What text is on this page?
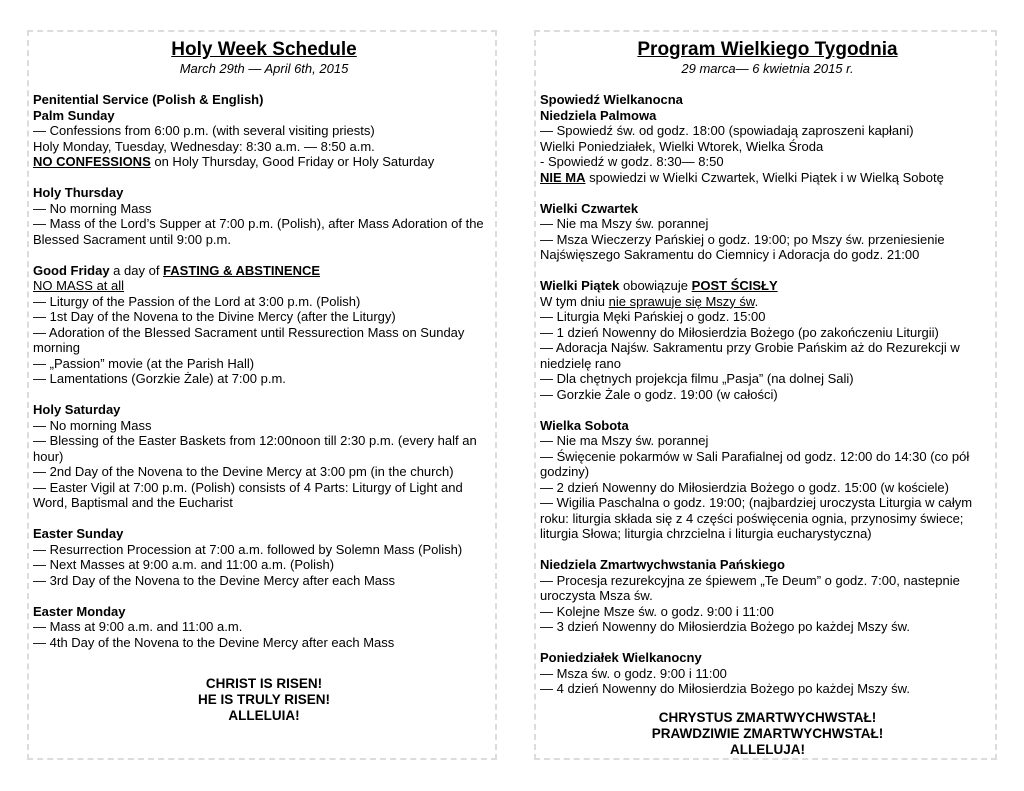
Holy Week Schedule
March 29th — April 6th, 2015
Penitential Service (Polish & English)
Palm Sunday
— Confessions from 6:00 p.m. (with several visiting priests)
Holy Monday, Tuesday, Wednesday: 8:30 a.m. — 8:50 a.m.
NO CONFESSIONS on Holy Thursday, Good Friday or Holy Saturday
Holy Thursday
— No morning Mass
— Mass of the Lord’s Supper at 7:00 p.m. (Polish), after Mass Adoration of the Blessed Sacrament until 9:00 p.m.
Good Friday a day of FASTING & ABSTINENCE
NO MASS at all
— Liturgy of the Passion of the Lord at 3:00 p.m. (Polish)
— 1st Day of the Novena to the Divine Mercy (after the Liturgy)
— Adoration of the Blessed Sacrament until Ressurection Mass on Sunday morning
— „Passion” movie (at the Parish Hall)
— Lamentations (Gorzkie Żale) at 7:00 p.m.
Holy Saturday
— No morning Mass
— Blessing of the Easter Baskets from 12:00noon till 2:30 p.m. (every half an hour)
— 2nd Day of the Novena to the Devine Mercy at 3:00 pm (in the church)
— Easter Vigil at 7:00 p.m. (Polish) consists of 4 Parts: Liturgy of Light and Word, Baptismal and the Eucharist
Easter Sunday
— Resurrection Procession at 7:00 a.m. followed by Solemn Mass (Polish)
— Next Masses at 9:00 a.m. and 11:00 a.m. (Polish)
— 3rd Day of the Novena to the Devine Mercy after each Mass
Easter Monday
— Mass at 9:00 a.m. and 11:00 a.m.
— 4th Day of the Novena to the Devine Mercy after each Mass
CHRIST IS RISEN!
HE IS TRULY RISEN!
ALLELUIA!
Program Wielkiego Tygodnia
29 marca— 6 kwietnia 2015 r.
Spowiedź Wielkanocna
Niedziela Palmowa
— Spowiedź św. od godz. 18:00 (spowiadają zaproszeni kapłani)
Wielki Poniedziałek, Wielki Wtorek, Wielka Środa
- Spowiedź w godz. 8:30— 8:50
NIE MA spowiedzi w Wielki Czwartek, Wielki Piątek i w Wielką Sobotę
Wielki Czwartek
— Nie ma Mszy św. porannej
— Msza Wieczerzy Pańskiej o godz. 19:00; po Mszy św. przeniesienie Najświęszego Sakramentu do Ciemnicy i Adoracja do godz. 21:00
Wielki Piątek obowiązuje POST ŚCISŁY
W tym dniu nie sprawuje się Mszy św.
— Liturgia Męki Pańskiej o godz. 15:00
— 1 dzień Nowenny do Miłosierdzia Bożego (po zakończeniu Liturgii)
— Adoracja Najśw. Sakramentu przy Grobie Pańskim aż do Rezurekcji w niedzielę rano
— Dla chętnych projekcja filmu „Pasja” (na dolnej Sali)
— Gorzkie Żale o godz. 19:00 (w całości)
Wielka Sobota
— Nie ma Mszy św. porannej
— Święcenie pokarmów w Sali Parafialnej od godz. 12:00 do 14:30 (co pół godziny)
— 2 dzień Nowenny do Miłosierdzia Bożego o godz. 15:00 (w kościele)
— Wigilia Paschalna o godz. 19:00; (najbardziej uroczysta Liturgia w całym roku: liturgia składa się z 4 części poświęcenia ognia, przynosimy świece; liturgia Słowa; liturgia chrzcielna i liturgia eucharystyczna)
Niedziela Zmartwychwstania Pańskiego
— Procesja rezurekcyjna ze śpiewem „Te Deum” o godz. 7:00, nastepnie uroczysta Msza św.
— Kolejne Msze św. o godz. 9:00 i 11:00
— 3 dzień Nowenny do Miłosierdzia Bożego po każdej Mszy św.
Poniedziałek Wielkanocny
— Msza św. o godz. 9:00 i 11:00
— 4 dzień Nowenny do Miłosierdzia Bożego po każdej Mszy św.
CHRYSTUS ZMARTWYCHWSTAŁ!
PRAWDZIWIE ZMARTWYCHWSTAŁ!
ALLELUJA!
